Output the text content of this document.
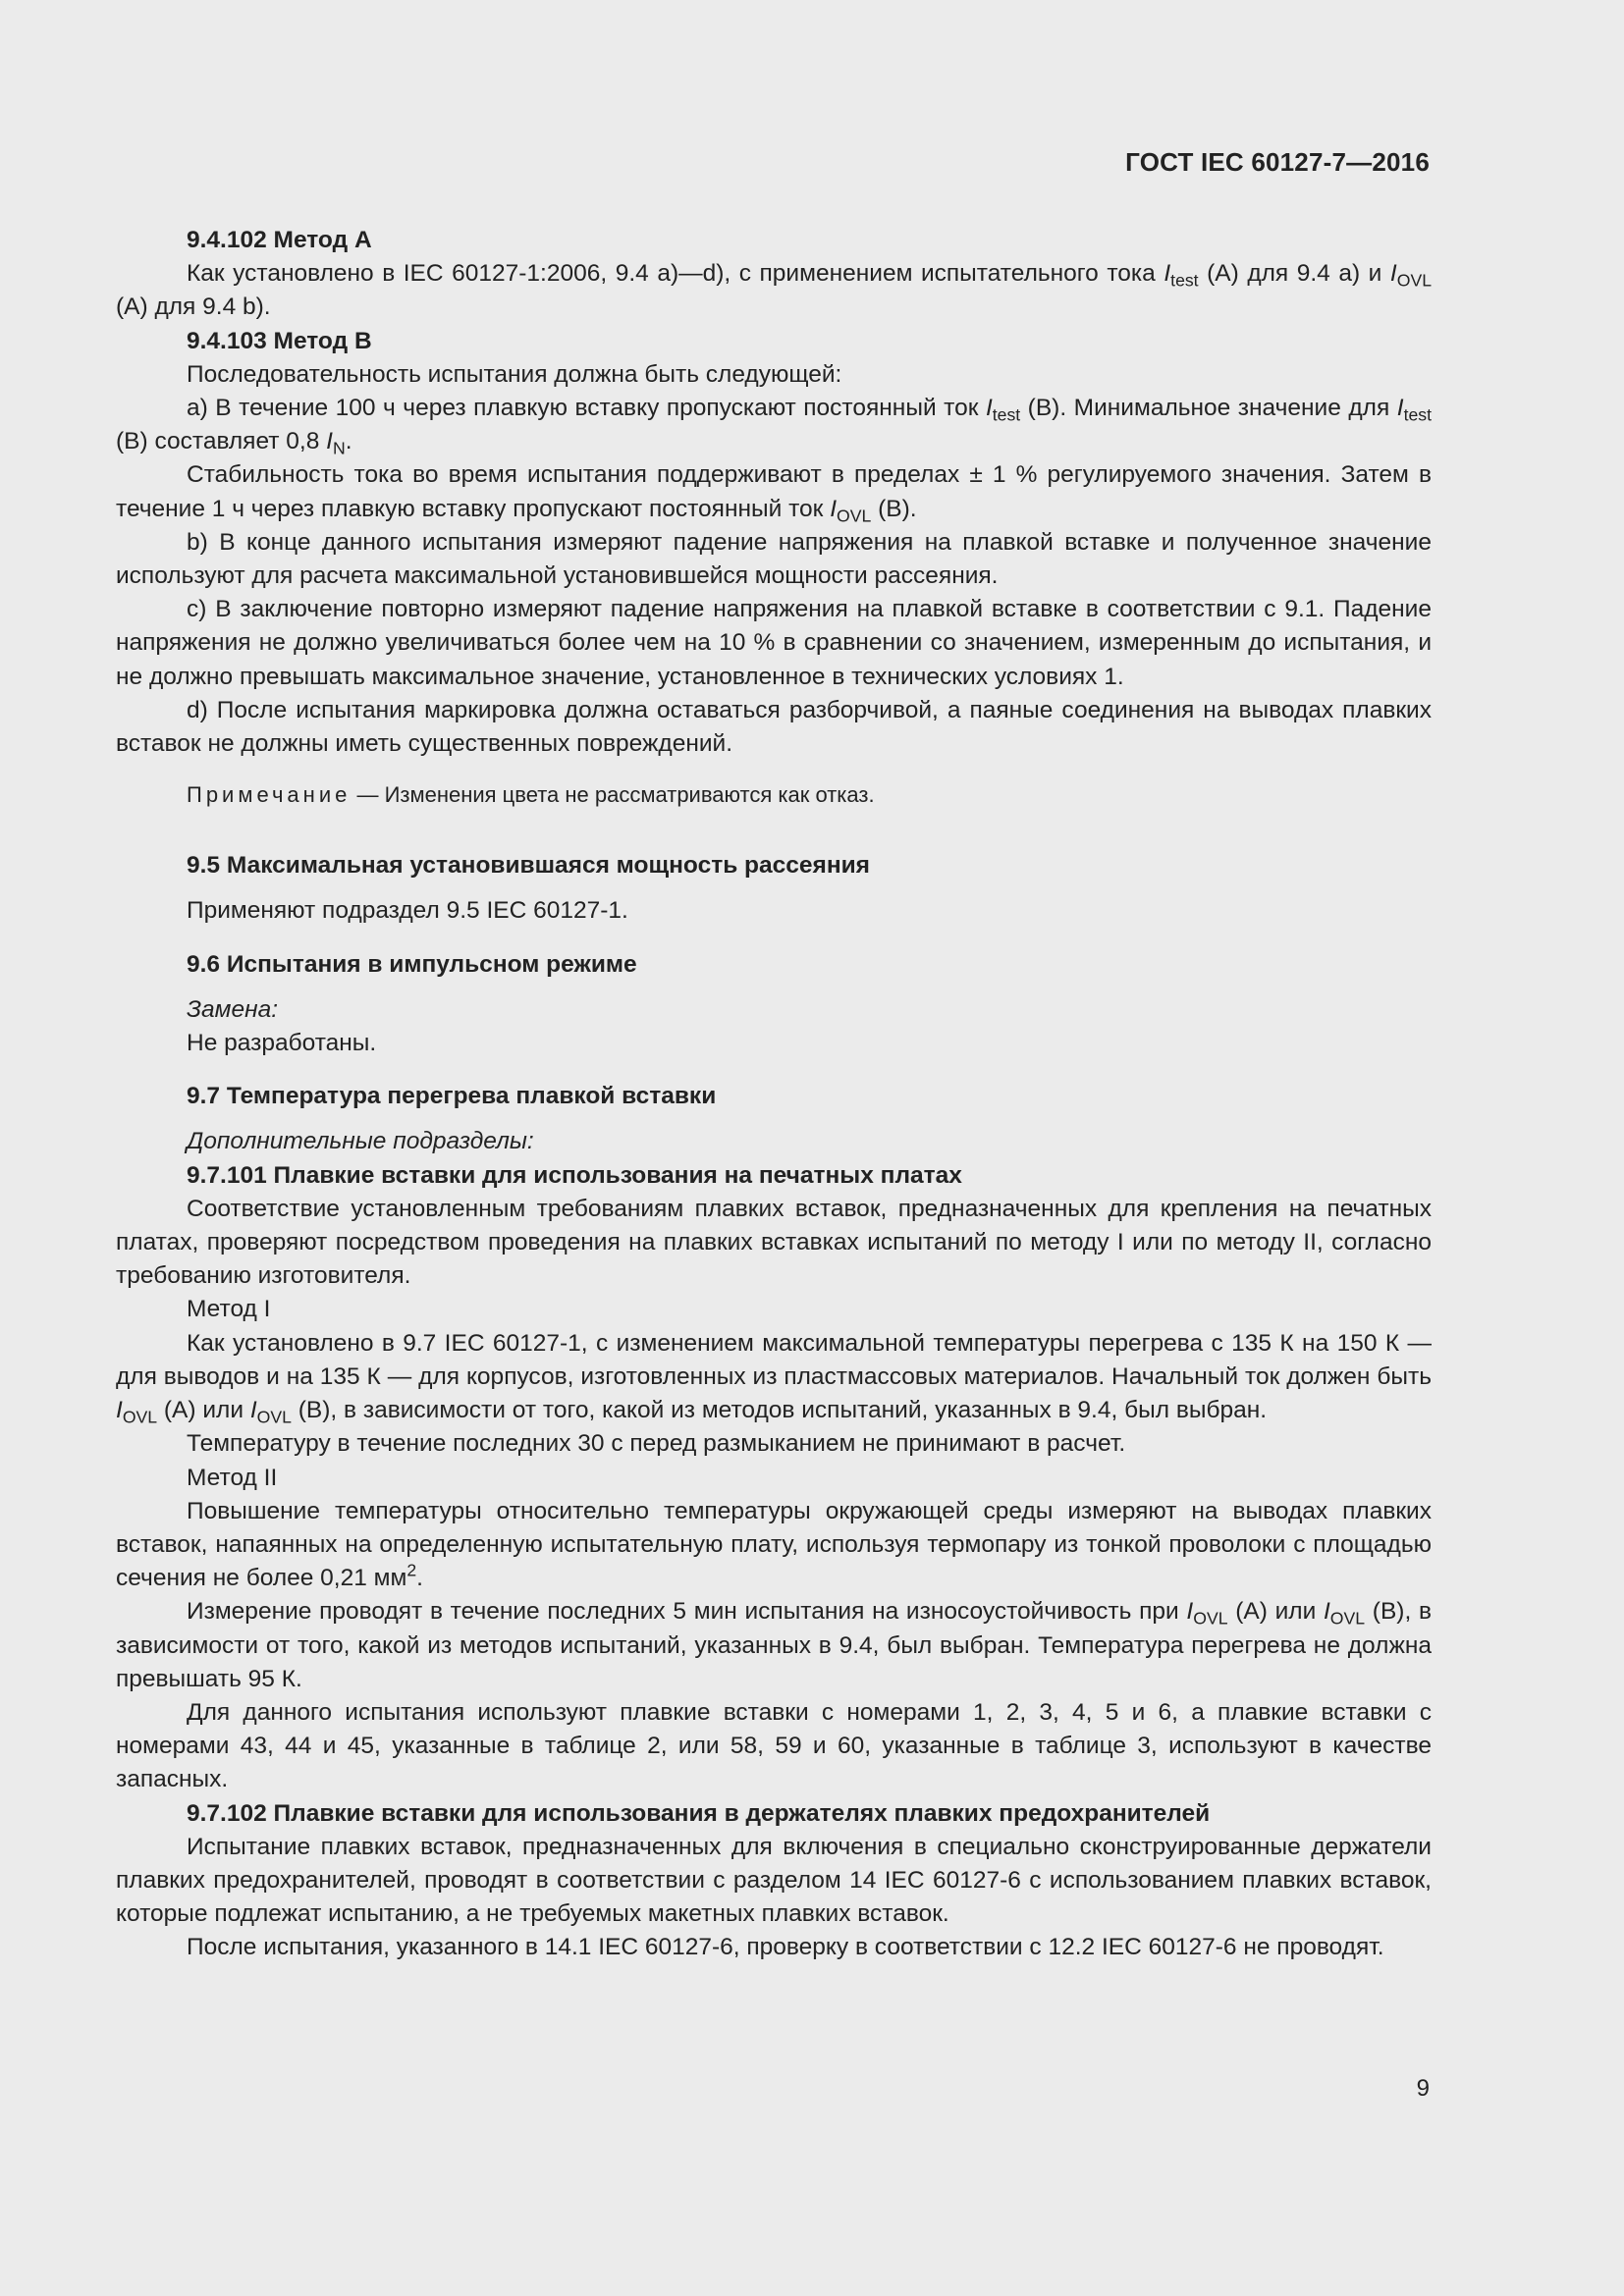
ГОСТ IEC 60127-7—2016

9.4.102 Метод А

Как установлено в IEC 60127-1:2006, 9.4 a)—d), с применением испытательного тока $I_{test}$ (А) для 9.4 a) и $I_{OVL}$ (А) для 9.4 b).

9.4.103 Метод В

Последовательность испытания должна быть следующей:

a) В течение 100 ч через плавкую вставку пропускают постоянный ток $I_{test}$ (В). Минимальное значение для $I_{test}$ (В) составляет 0,8 $I_N$.

Стабильность тока во время испытания поддерживают в пределах ± 1 % регулируемого значения. Затем в течение 1 ч через плавкую вставку пропускают постоянный ток $I_{OVL}$ (В).

b) В конце данного испытания измеряют падение напряжения на плавкой вставке и полученное значение используют для расчета максимальной установившейся мощности рассеяния.

c) В заключение повторно измеряют падение напряжения на плавкой вставке в соответствии с 9.1. Падение напряжения не должно увеличиваться более чем на 10 % в сравнении со значением, измеренным до испытания, и не должно превышать максимальное значение, установленное в технических условиях 1.

d) После испытания маркировка должна оставаться разборчивой, а паяные соединения на выводах плавких вставок не должны иметь существенных повреждений.

Примечание — Изменения цвета не рассматриваются как отказ.

9.5 Максимальная установившаяся мощность рассеяния

Применяют подраздел 9.5 IEC 60127-1.

9.6 Испытания в импульсном режиме

Замена:

Не разработаны.

9.7 Температура перегрева плавкой вставки

Дополнительные подразделы:

9.7.101 Плавкие вставки для использования на печатных платах

Соответствие установленным требованиям плавких вставок, предназначенных для крепления на печатных платах, проверяют посредством проведения на плавких вставках испытаний по методу I или по методу II, согласно требованию изготовителя.

Метод I

Как установлено в 9.7 IEC 60127-1, с изменением максимальной температуры перегрева с 135 К на 150 К — для выводов и на 135 К — для корпусов, изготовленных из пластмассовых материалов. Начальный ток должен быть $I_{OVL}$ (А) или $I_{OVL}$ (В), в зависимости от того, какой из методов испытаний, указанных в 9.4, был выбран.

Температуру в течение последних 30 с перед размыканием не принимают в расчет.

Метод II

Повышение температуры относительно температуры окружающей среды измеряют на выводах плавких вставок, напаянных на определенную испытательную плату, используя термопару из тонкой проволоки с площадью сечения не более 0,21 $мм^2$.

Измерение проводят в течение последних 5 мин испытания на износоустойчивость при $I_{OVL}$ (А) или $I_{OVL}$ (В), в зависимости от того, какой из методов испытаний, указанных в 9.4, был выбран. Температура перегрева не должна превышать 95 К.

Для данного испытания используют плавкие вставки с номерами 1, 2, 3, 4, 5 и 6, а плавкие вставки с номерами 43, 44 и 45, указанные в таблице 2, или 58, 59 и 60, указанные в таблице 3, используют в качестве запасных.

9.7.102 Плавкие вставки для использования в держателях плавких предохранителей

Испытание плавких вставок, предназначенных для включения в специально сконструированные держатели плавких предохранителей, проводят в соответствии с разделом 14 IEC 60127-6 с использованием плавких вставок, которые подлежат испытанию, а не требуемых макетных плавких вставок.

После испытания, указанного в 14.1 IEC 60127-6, проверку в соответствии с 12.2 IEC 60127-6 не проводят.

9
